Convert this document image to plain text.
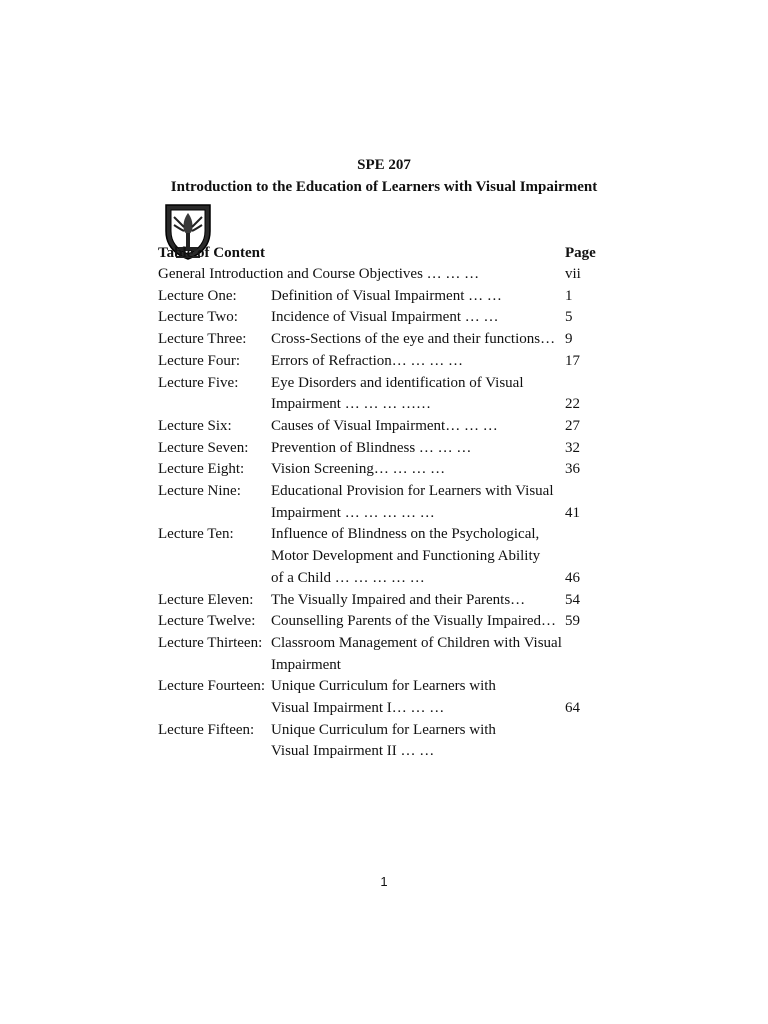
SPE 207
Introduction to the Education of Learners with Visual Impairment
Table of Content	Page
General Introduction and Course Objectives … … …	vii
Lecture One: Definition of Visual Impairment … …	1
Lecture Two: Incidence of Visual Impairment … …	5
Lecture Three: Cross-Sections of the eye and their functions… 9
Lecture Four: Errors of Refraction… … … …	17
Lecture Five: Eye Disorders and identification of Visual
Impairment … … … ……	22
Lecture Six:	Causes of Visual Impairment… … …	27
Lecture Seven: Prevention of Blindness … … …	32
Lecture Eight: Vision Screening… … … …	36
Lecture Nine: Educational Provision for Learners with Visual
Impairment … … … … …	41
Lecture Ten: Influence of Blindness on the Psychological,
Motor Development and Functioning Ability
of a Child … … … … …	46
Lecture Eleven: The Visually Impaired and their Parents…	54
Lecture Twelve: Counselling Parents of the Visually Impaired… 59
Lecture Thirteen: Classroom Management of Children with Visual
Impairment
Lecture Fourteen: Unique Curriculum for Learners with
Visual Impairment I… … …	64
Lecture Fifteen: Unique Curriculum for Learners with
Visual Impairment II … …
1
